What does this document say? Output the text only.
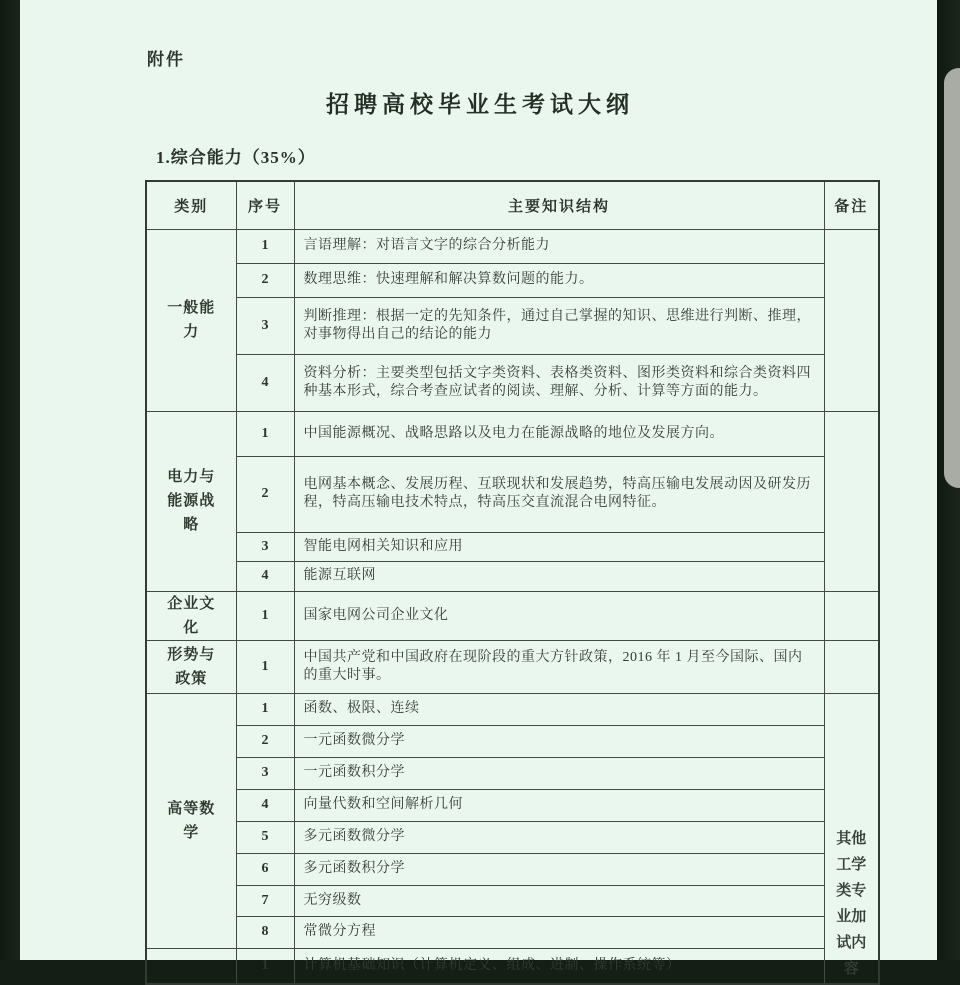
附件
招聘高校毕业生考试大纲
1.综合能力（35%）
类别	序号	主要知识结构	备注
一般能力	1	言语理解：对语言文字的综合分析能力	

	2	数理思维：快速理解和解决算数问题的能力。	
	3	判断推理：根据一定的先知条件，通过自己掌握的知识、思维进行判断、推理，对事物得出自己的结论的能力	
	4	资料分析：主要类型包括文字类资料、表格类资料、图形类资料和综合类资料四种基本形式，综合考查应试者的阅读、理解、分析、计算等方面的能力。	
电力与能源战略	1	中国能源概况、战略思路以及电力在能源战略的地位及发展方向。	

	2	电网基本概念、发展历程、互联现状和发展趋势，特高压输电发展动因及研发历程，特高压输电技术特点，特高压交直流混合电网特征。	
	3	智能电网相关知识和应用	
	4	能源互联网	
企业文化	1	国家电网公司企业文化	

形势与政策	1	中国共产党和中国政府在现阶段的重大方针政策，2016 年 1 月至今国际、国内的重大时事。	

高等数学	1	函数、极限、连续	其他工学类专业加试内容

	2	一元函数微分学	
	3	一元函数积分学	
	4	向量代数和空间解析几何	
	5	多元函数微分学	
	6	多元函数积分学	
	7	无穷级数	
	8	常微分方程	
	1	计算机基础知识（计算机定义、组成、进制、操作系统等）	
